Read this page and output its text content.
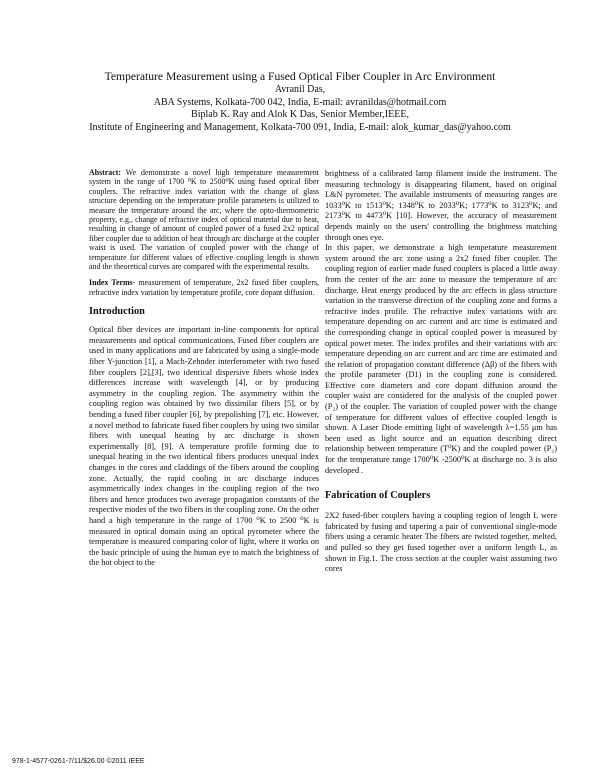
Temperature Measurement using a Fused Optical Fiber Coupler in Arc Environment

Avranil Das,

ABA Systems, Kolkata-700 042, India, E-mail: avranildas@hotmail.com

Biplab K. Ray and Alok K Das, Senior Member,IEEE,

Institute of Engineering and Management, Kolkata-700 091, India, E-mail: alok_kumar_das@yahoo.com

Abstract: We demonstrate a novel high temperature measurement system in the range of 1700 ⁰K to 2500⁰K using fused optical fiber couplers. The refractive index variation with the change of glass structure depending on the temperature profile parameters is utilized to measure the temperature around the arc, where the opto-thermometric property, e.g., change of refractive index of optical material due to heat, resulting in change of amount of coupled power of a fused 2x2 optical fiber coupler due to addition of heat through arc discharge at the coupler waist is used. The variation of coupled power with the change of temperature for different values of effective coupling length is shown and the theoretical curves are compared with the experimental results.

Index Terms- measurement of temperature, 2x2 fused fiber couplers, refractive index variation by temperature profile, core dopant diffusion.

Introduction

Optical fiber devices are important in-line components for optical measurements and optical communications. Fused fiber couplers are used in many applications and are fabricated by using a single-mode fiber Y-junction [1], a Mach-Zehnder interferometer with two fused fiber couplers [2],[3], two identical dispersive fibers whose index differences increase with wavelength [4], or by producing asymmetry in the coupling region. The asymmetry within the coupling region was obtained by two dissimilar fibers [5], or by bending a fused fiber coupler [6], by prepolishing [7], etc. However, a novel method to fabricate fused fiber couplers by using two similar fibers with unequal heating by arc discharge is shown experimentally [8], [9]. A temperature profile forming due to unequal heating in the two identical fibers produces unequal index changes in the cores and claddings of the fibers around the coupling zone. Actually, the rapid cooling in arc discharge induces asymmetrically index changes in the coupling region of the two fibers and hence produces two average propagation constants of the respective modes of the two fibers in the coupling zone. On the other hand a high temperature in the range of 1700 ⁰K to 2500 ⁰K is measured in optical domain using an optical pyrometer where the temperature is measured comparing color of light, where it works on the basic principle of using the human eye to match the brightness of the hot object to the

brightness of a calibrated lamp filament inside the instrument. The measuring technology is disappearing filament, based on original L&N pyrometer. The available instruments of measuring ranges are 1033⁰K to 1513⁰K; 1348⁰K to 2033⁰K; 1773⁰K to 3123⁰K; and 2173⁰K to 4473⁰K [10]. However, the accuracy of measurement depends mainly on the users' controlling the brightness matching through ones eye.

In this paper, we demonstrate a high temperature measurement system around the arc zone using a 2x2 fused fiber coupler. The coupling region of earlier made fused couplers is placed a little away from the center of the arc zone to measure the temperature of arc discharge. Heat energy produced by the arc effects in glass structure variation in the transverse direction of the coupling zone and forms a refractive index profile. The refractive index variations with arc temperature depending on arc current and arc time is estimated and the corresponding change in optical coupled power is measured by optical power meter. The index profiles and their variations with arc temperature depending on arc current and arc time are estimated and the relation of propagation constant difference (Δβ) of the fibers with the profile parameter (D1) in the coupling zone is considered. Effective core diameters and core dopant diffusion around the coupler waist are considered for the analysis of the coupled power (P₂) of the coupler. The variation of coupled power with the change of temperature for different values of effective coupled length is shown. A Laser Diode emitting light of wavelength λ=1.55 μm has been used as light source and an equation describing direct relationship between temperature (T⁰K) and the coupled power (P₂) for the temperature range 1700⁰K -2500⁰K at discharge no. 3 is also developed .

Fabrication of Couplers

2X2 fused-fiber couplers having a coupling region of length L were fabricated by fusing and tapering a pair of conventional single-mode fibers using a ceramic heater The fibers are twisted together, melted, and pulled so they get fused together over a uniform length L, as shown in Fig.1. The cross section at the coupler waist assuming two cores

978-1-4577-0261-7/11/$26.00 ©2011 IEEE
